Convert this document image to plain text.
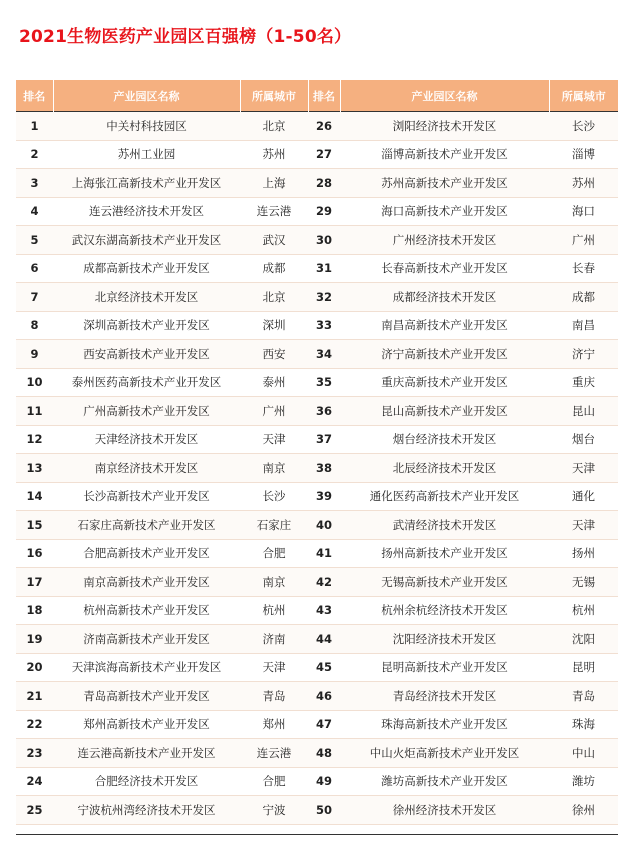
2021生物医药产业园区百强榜（1-50名）
排名	产业园区名称	所属城市	排名	产业园区名称	所属城市
1	中关村科技园区	北京	26	浏阳经济技术开发区	长沙
2	苏州工业园	苏州	27	淄博高新技术产业开发区	淄博
3	上海张江高新技术产业开发区	上海	28	苏州高新技术产业开发区	苏州
4	连云港经济技术开发区	连云港	29	海口高新技术产业开发区	海口
5	武汉东湖高新技术产业开发区	武汉	30	广州经济技术开发区	广州
6	成都高新技术产业开发区	成都	31	长春高新技术产业开发区	长春
7	北京经济技术开发区	北京	32	成都经济技术开发区	成都
8	深圳高新技术产业开发区	深圳	33	南昌高新技术产业开发区	南昌
9	西安高新技术产业开发区	西安	34	济宁高新技术产业开发区	济宁
10	泰州医药高新技术产业开发区	泰州	35	重庆高新技术产业开发区	重庆
11	广州高新技术产业开发区	广州	36	昆山高新技术产业开发区	昆山
12	天津经济技术开发区	天津	37	烟台经济技术开发区	烟台
13	南京经济技术开发区	南京	38	北辰经济技术开发区	天津
14	长沙高新技术产业开发区	长沙	39	通化医药高新技术产业开发区	通化
15	石家庄高新技术产业开发区	石家庄	40	武清经济技术开发区	天津
16	合肥高新技术产业开发区	合肥	41	扬州高新技术产业开发区	扬州
17	南京高新技术产业开发区	南京	42	无锡高新技术产业开发区	无锡
18	杭州高新技术产业开发区	杭州	43	杭州余杭经济技术开发区	杭州
19	济南高新技术产业开发区	济南	44	沈阳经济技术开发区	沈阳
20	天津滨海高新技术产业开发区	天津	45	昆明高新技术产业开发区	昆明
21	青岛高新技术产业开发区	青岛	46	青岛经济技术开发区	青岛
22	郑州高新技术产业开发区	郑州	47	珠海高新技术产业开发区	珠海
23	连云港高新技术产业开发区	连云港	48	中山火炬高新技术产业开发区	中山
24	合肥经济技术开发区	合肥	49	潍坊高新技术产业开发区	潍坊
25	宁波杭州湾经济技术开发区	宁波	50	徐州经济技术开发区	徐州
